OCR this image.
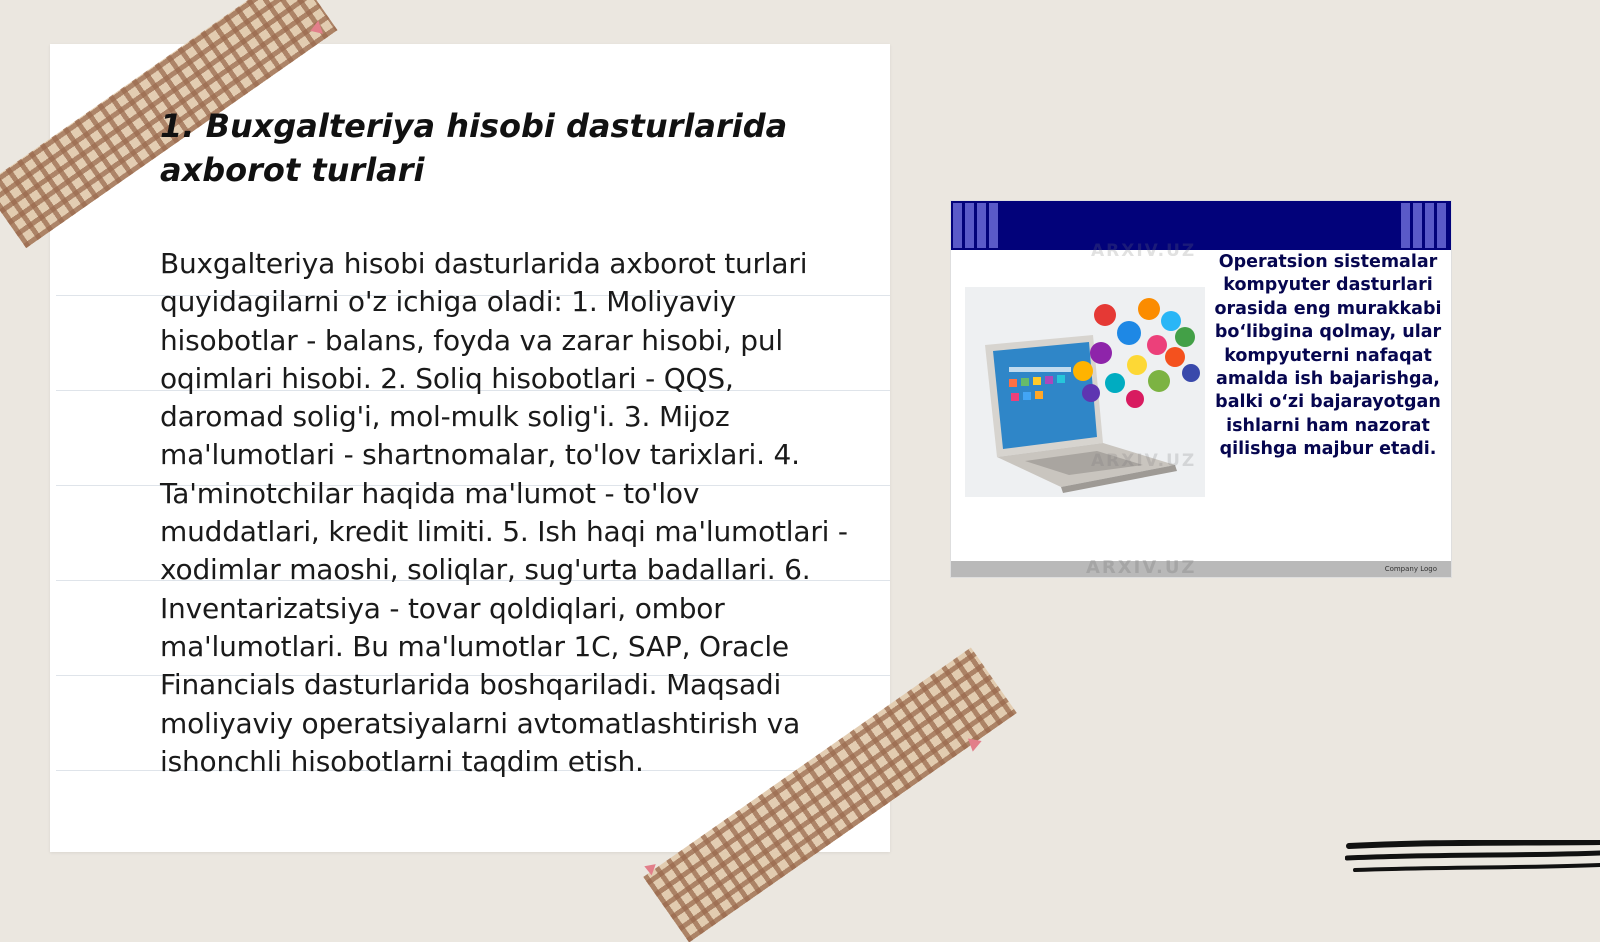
1. Buxgalteriya hisobi dasturlarida axborot turlari

Buxgalteriya hisobi dasturlarida axborot turlari quyidagilarni o'z ichiga oladi: 1. Moliyaviy hisobotlar - balans, foyda va zarar hisobi, pul oqimlari hisobi. 2. Soliq hisobotlari - QQS, daromad solig'i, mol-mulk solig'i. 3. Mijoz ma'lumotlari - shartnomalar, to'lov tarixlari. 4. Ta'minotchilar haqida ma'lumot - to'lov muddatlari, kredit limiti. 5. Ish haqi ma'lumotlari - xodimlar maoshi, soliqlar, sug'urta badallari. 6. Inventarizatsiya - tovar qoldiqlari, ombor ma'lumotlari. Bu ma'lumotlar 1C, SAP, Oracle Financials dasturlarida boshqariladi. Maqsadi moliyaviy operatsiyalarni avtomatlashtirish va ishonchli hisobotlarni taqdim etish.

ARXIV.UZ

Operatsion sistemalar kompyuter dasturlari orasida eng murakkabi bo‘libgina qolmay, ular kompyuterni nafaqat amalda ish bajarishga, balki o‘zi bajarayotgan ishlarni ham nazorat qilishga majbur etadi.

ARXIV.UZ
Company Logo
ARXIV.UZ
